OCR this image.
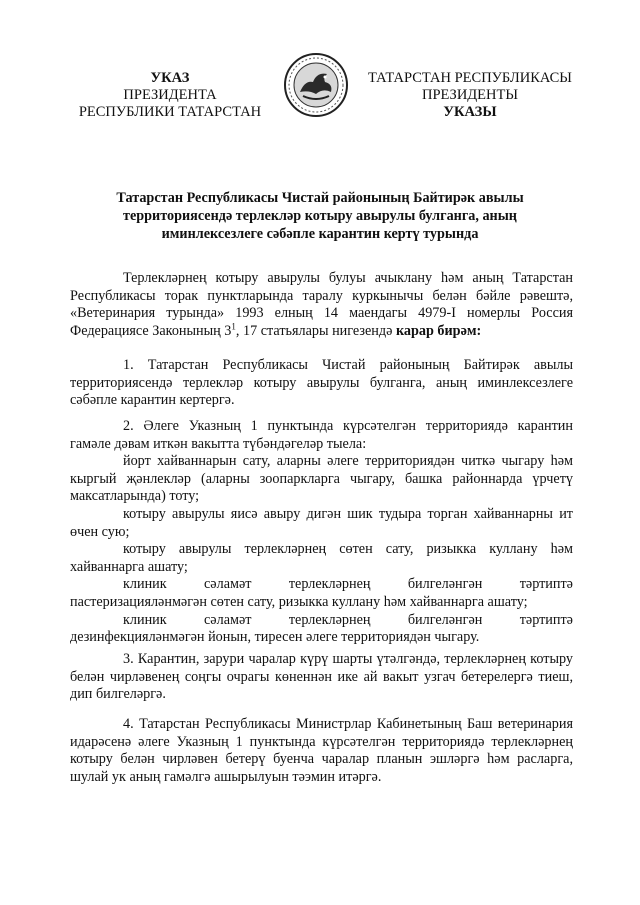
УКАЗ
ПРЕЗИДЕНТА
РЕСПУБЛИКИ ТАТАРСТАН
ТАТАРСТАН РЕСПУБЛИКАСЫ
ПРЕЗИДЕНТЫ
УКАЗЫ
Татарстан Республикасы Чистай районының Байтирәк авылы
территориясендә терлекләр котыру авырулы булганга, аның
иминлексезлеге сәбәпле карантин кертү турында

Терлекләрнең котыру авырулы булуы ачыклану һәм аның Татарстан Республикасы торак пунктларында таралу куркынычы белән бәйле рәвештә, «Ветеринария турында» 1993 елның 14 маендагы 4979-I номерлы Россия Федерациясе Законының $3^1$, 17 статьялары нигезендә карар бирәм:

1. Татарстан Республикасы Чистай районының Байтирәк авылы территориясендә терлекләр котыру авырулы булганга, аның иминлексезлеге сәбәпле карантин кертергә.

2. Әлеге Указның 1 пунктында күрсәтелгән территориядә карантин гамәле дәвам иткән вакытта түбәндәгеләр тыела:

йорт хайваннарын сату, аларны әлеге территориядән читкә чыгару һәм кыргый җәнлекләр (аларны зоопаркларга чыгару, башка районнарда үрчетү максатларында) тоту;

котыру авырулы яисә авыру дигән шик тудыра торган хайваннарны ит өчен сую;

котыру авырулы терлекләрнең сөтен сату, ризыкка куллану һәм хайваннарга ашату;

клиник сәламәт терлекләрнең билгеләнгән тәртиптә пастеризацияләнмәгән сөтен сату, ризыкка куллану һәм хайваннарга ашату;

клиник сәламәт терлекләрнең билгеләнгән тәртиптә дезинфекцияләнмәгән йонын, тиресен әлеге территориядән чыгару.

3. Карантин, зарури чаралар күрү шарты үтәлгәндә, терлекләрнең котыру белән чирләвенең соңгы очрагы көненнән ике ай вакыт узгач бетерелергә тиеш, дип билгеләргә.

4. Татарстан Республикасы Министрлар Кабинетының Баш ветеринария идарәсенә әлеге Указның 1 пунктында күрсәтелгән территориядә терлекләрнең котыру белән чирләвен бетерү буенча чаралар планын эшләргә һәм расларга, шулай ук аның гамәлгә ашырылуын тәэмин итәргә.
